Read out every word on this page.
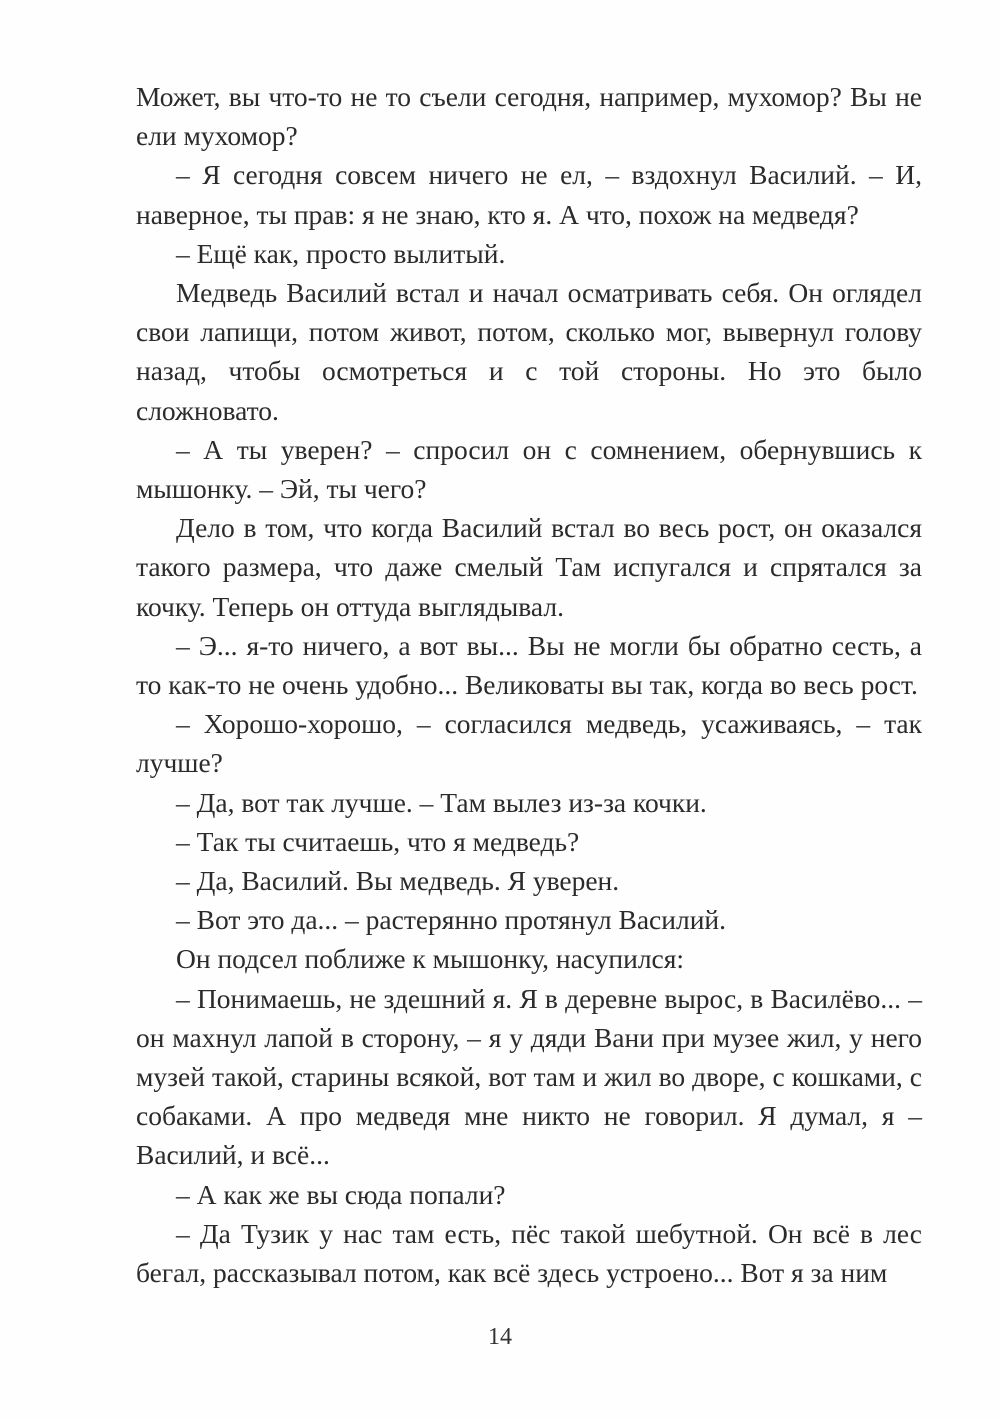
Может, вы что-то не то съели сегодня, например, мухомор? Вы не ели мухомор?

– Я сегодня совсем ничего не ел, – вздохнул Василий. – И, наверное, ты прав: я не знаю, кто я. А что, похож на медведя?

– Ещё как, просто вылитый.

Медведь Василий встал и начал осматривать себя. Он оглядел свои лапищи, потом живот, потом, сколько мог, вывернул голову назад, чтобы осмотреться и с той стороны. Но это было сложновато.

– А ты уверен? – спросил он с сомнением, обернувшись к мышонку. – Эй, ты чего?

Дело в том, что когда Василий встал во весь рост, он оказался такого размера, что даже смелый Там испугался и спрятался за кочку. Теперь он оттуда выглядывал.

– Э... я-то ничего, а вот вы... Вы не могли бы обратно сесть, а то как-то не очень удобно... Великоваты вы так, когда во весь рост.

– Хорошо-хорошо, – согласился медведь, усаживаясь, – так лучше?

– Да, вот так лучше. – Там вылез из-за кочки.

– Так ты считаешь, что я медведь?

– Да, Василий. Вы медведь. Я уверен.

– Вот это да... – растерянно протянул Василий.

Он подсел поближе к мышонку, насупился:

– Понимаешь, не здешний я. Я в деревне вырос, в Василёво... – он махнул лапой в сторону, – я у дяди Вани при музее жил, у него музей такой, старины всякой, вот там и жил во дворе, с кошками, с собаками. А про медведя мне никто не говорил. Я думал, я – Василий, и всё...

– А как же вы сюда попали?

– Да Тузик у нас там есть, пёс такой шебутной. Он всё в лес бегал, рассказывал потом, как всё здесь устроено... Вот я за ним

14
